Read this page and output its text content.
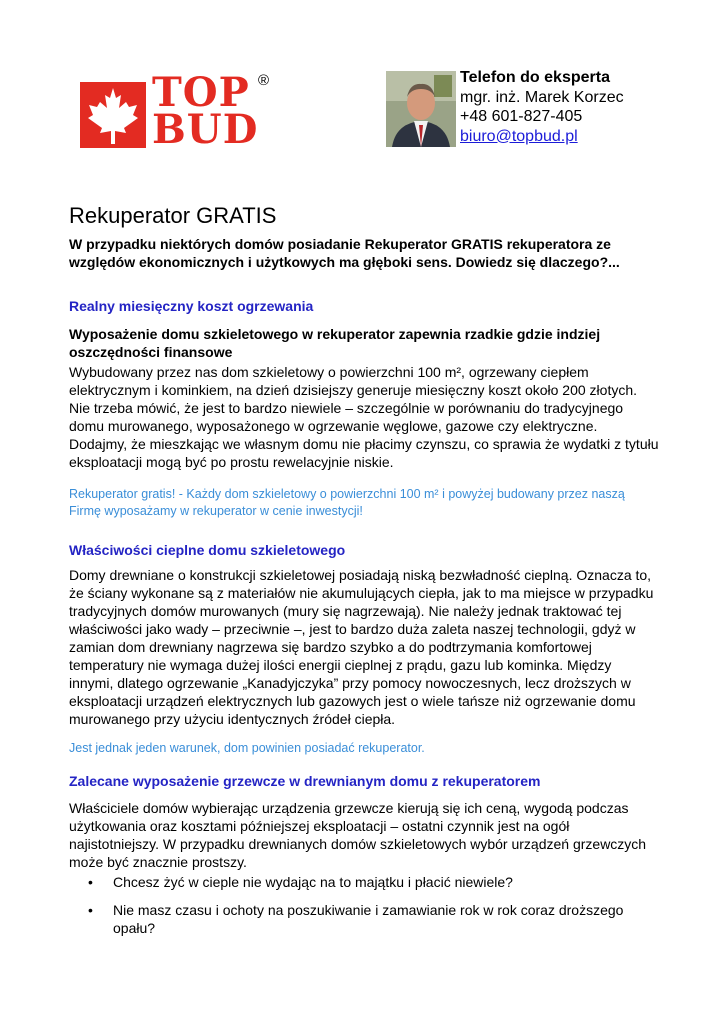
TOP
BUD
®	Telefon do eksperta
mgr. inż. Marek Korzec
+48 601-827-405
biuro@topbud.pl
Rekuperator GRATIS

W przypadku niektórych domów posiadanie Rekuperator GRATIS rekuperatora ze względów ekonomicznych i użytkowych ma głęboki sens. Dowiedz się dlaczego?...

Realny miesięczny koszt ogrzewania

Wyposażenie domu szkieletowego w rekuperator zapewnia rzadkie gdzie indziej oszczędności finansowe

Wybudowany przez nas dom szkieletowy o powierzchni 100 m², ogrzewany ciepłem elektrycznym i kominkiem, na dzień dzisiejszy generuje miesięczny koszt około 200 złotych. Nie trzeba mówić, że jest to bardzo niewiele – szczególnie w porównaniu do tradycyjnego domu murowanego, wyposażonego w ogrzewanie węglowe, gazowe czy elektryczne. Dodajmy, że mieszkając we własnym domu nie płacimy czynszu, co sprawia że wydatki z tytułu eksploatacji mogą być po prostu rewelacyjnie niskie.

Rekuperator gratis! - Każdy dom szkieletowy o powierzchni 100 m² i powyżej budowany przez naszą Firmę wyposażamy w rekuperator w cenie inwestycji!

Właściwości cieplne domu szkieletowego

Domy drewniane o konstrukcji szkieletowej posiadają niską bezwładność cieplną. Oznacza to, że ściany wykonane są z materiałów nie akumulujących ciepła, jak to ma miejsce w przypadku tradycyjnych domów murowanych (mury się nagrzewają). Nie należy jednak traktować tej właściwości jako wady – przeciwnie –, jest to bardzo duża zaleta naszej technologii, gdyż w zamian dom drewniany nagrzewa się bardzo szybko a do podtrzymania komfortowej temperatury nie wymaga dużej ilości energii cieplnej z prądu, gazu lub kominka. Między innymi, dlatego ogrzewanie „Kanadyjczyka” przy pomocy nowoczesnych, lecz droższych w eksploatacji urządzeń elektrycznych lub gazowych jest o wiele tańsze niż ogrzewanie domu murowanego przy użyciu identycznych źródeł ciepła.

Jest jednak jeden warunek, dom powinien posiadać rekuperator.

Zalecane wyposażenie grzewcze w drewnianym domu z rekuperatorem

Właściciele domów wybierając urządzenia grzewcze kierują się ich ceną, wygodą podczas użytkowania oraz kosztami późniejszej eksploatacji – ostatni czynnik jest na ogół najistotniejszy. W przypadku drewnianych domów szkieletowych wybór urządzeń grzewczych może być znacznie prostszy.

• Chcesz żyć w cieple nie wydając na to majątku i płacić niewiele?
• Nie masz czasu i ochoty na poszukiwanie i zamawianie rok w rok coraz droższego opału?
